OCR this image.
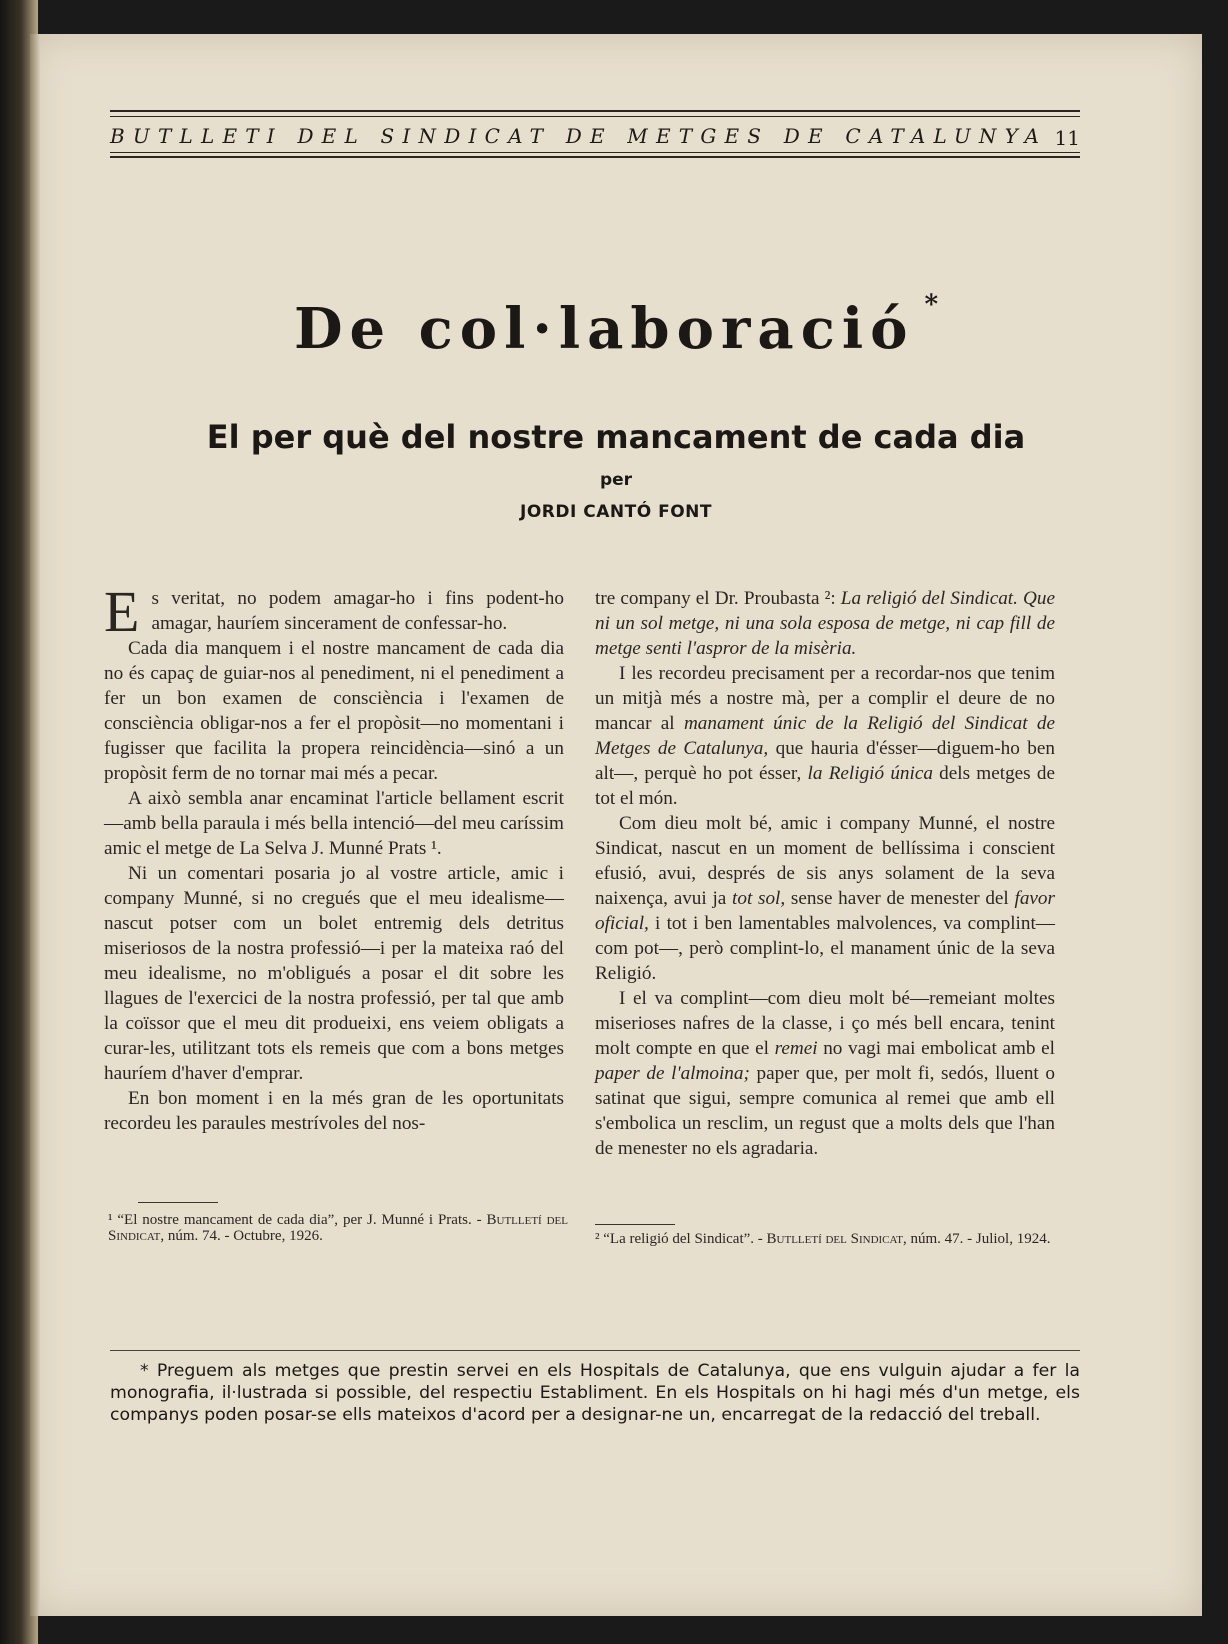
BUTLLETI DEL SINDICAT DE METGES DE CATALUNYA 11
De col·laboració *
El per què del nostre mancament de cada dia
per
JORDI CANTÓ FONT

Es veritat, no podem amagar-ho i fins podent-ho amagar, hauríem sincerament de confessar-ho.

Cada dia manquem i el nostre mancament de cada dia no és capaç de guiar-nos al penediment, ni el penediment a fer un bon examen de consciència i l'examen de consciència obligar-nos a fer el propòsit—no momentani i fugisser que facilita la propera reincidència—sinó a un propòsit ferm de no tornar mai més a pecar.

A això sembla anar encaminat l'article bellament escrit—amb bella paraula i més bella intenció—del meu caríssim amic el metge de La Selva J. Munné Prats ¹.

Ni un comentari posaria jo al vostre article, amic i company Munné, si no cregués que el meu idealisme—nascut potser com un bolet entremig dels detritus miseriosos de la nostra professió—i per la mateixa raó del meu idealisme, no m'obligués a posar el dit sobre les llagues de l'exercici de la nostra professió, per tal que amb la coïssor que el meu dit produeixi, ens veiem obligats a curar-les, utilitzant tots els remeis que com a bons metges hauríem d'haver d'emprar.

En bon moment i en la més gran de les oportunitats recordeu les paraules mestrívoles del nos-

tre company el Dr. Proubasta ²: La religió del Sindicat. Que ni un sol metge, ni una sola esposa de metge, ni cap fill de metge senti l'aspror de la misèria.

I les recordeu precisament per a recordar-nos que tenim un mitjà més a nostre mà, per a complir el deure de no mancar al manament únic de la Religió del Sindicat de Metges de Catalunya, que hauria d'ésser—diguem-ho ben alt—, perquè ho pot ésser, la Religió única dels metges de tot el món.

Com dieu molt bé, amic i company Munné, el nostre Sindicat, nascut en un moment de bellíssima i conscient efusió, avui, després de sis anys solament de la seva naixença, avui ja tot sol, sense haver de menester del favor oficial, i tot i ben lamentables malvolences, va complint—com pot—, però complint-lo, el manament únic de la seva Religió.

I el va complint—com dieu molt bé—remeiant moltes miserioses nafres de la classe, i ço més bell encara, tenint molt compte en que el remei no vagi mai embolicat amb el paper de l'almoina; paper que, per molt fi, sedós, lluent o satinat que sigui, sempre comunica al remei que amb ell s'embolica un resclim, un regust que a molts dels que l'han de menester no els agradaria.

¹ “El nostre mancament de cada dia”, per J. Munné i Prats. - Butlletí del Sindicat, núm. 74. - Octubre, 1926.	² “La religió del Sindicat”. - Butlletí del Sindicat, núm. 47. - Juliol, 1924.
* Preguem als metges que prestin servei en els Hospitals de Catalunya, que ens vulguin ajudar a fer la monografia, il·lustrada si possible, del respectiu Establiment. En els Hospitals on hi hagi més d'un metge, els companys poden posar-se ells mateixos d'acord per a designar-ne un, encarregat de la redacció del treball.
